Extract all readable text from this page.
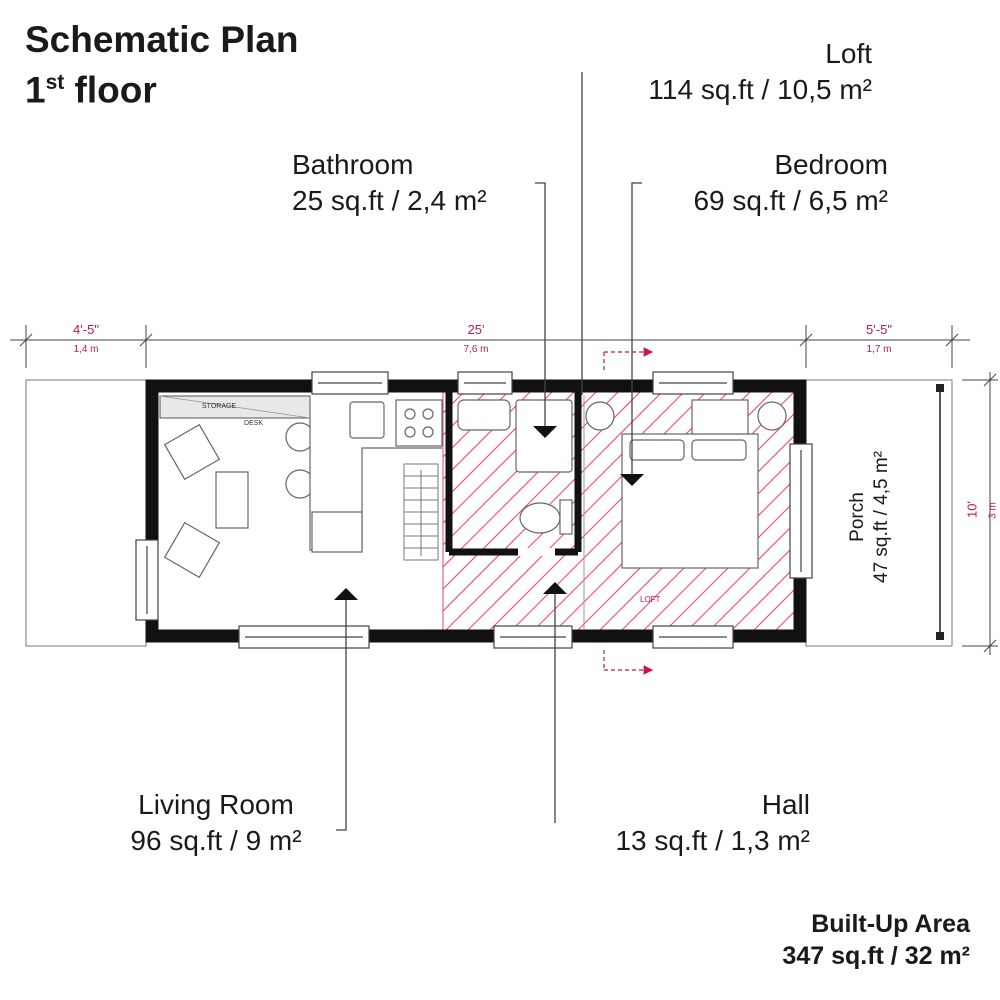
Schematic Plan
1st floor
Loft
114 sq.ft / 10,5 m²
Bathroom
25 sq.ft / 2,4 m²
Bedroom
69 sq.ft / 6,5 m²
Living Room
96 sq.ft / 9 m²
Hall
13 sq.ft / 1,3 m²
Porch 47 sq.ft / 4,5 m²
STORAGE
DESK
LOFT
4'-5"
1,4 m
25'
7,6 m
5'-5"
1,7 m
10' 3 m
Built-Up Area
347 sq.ft / 32 m²
